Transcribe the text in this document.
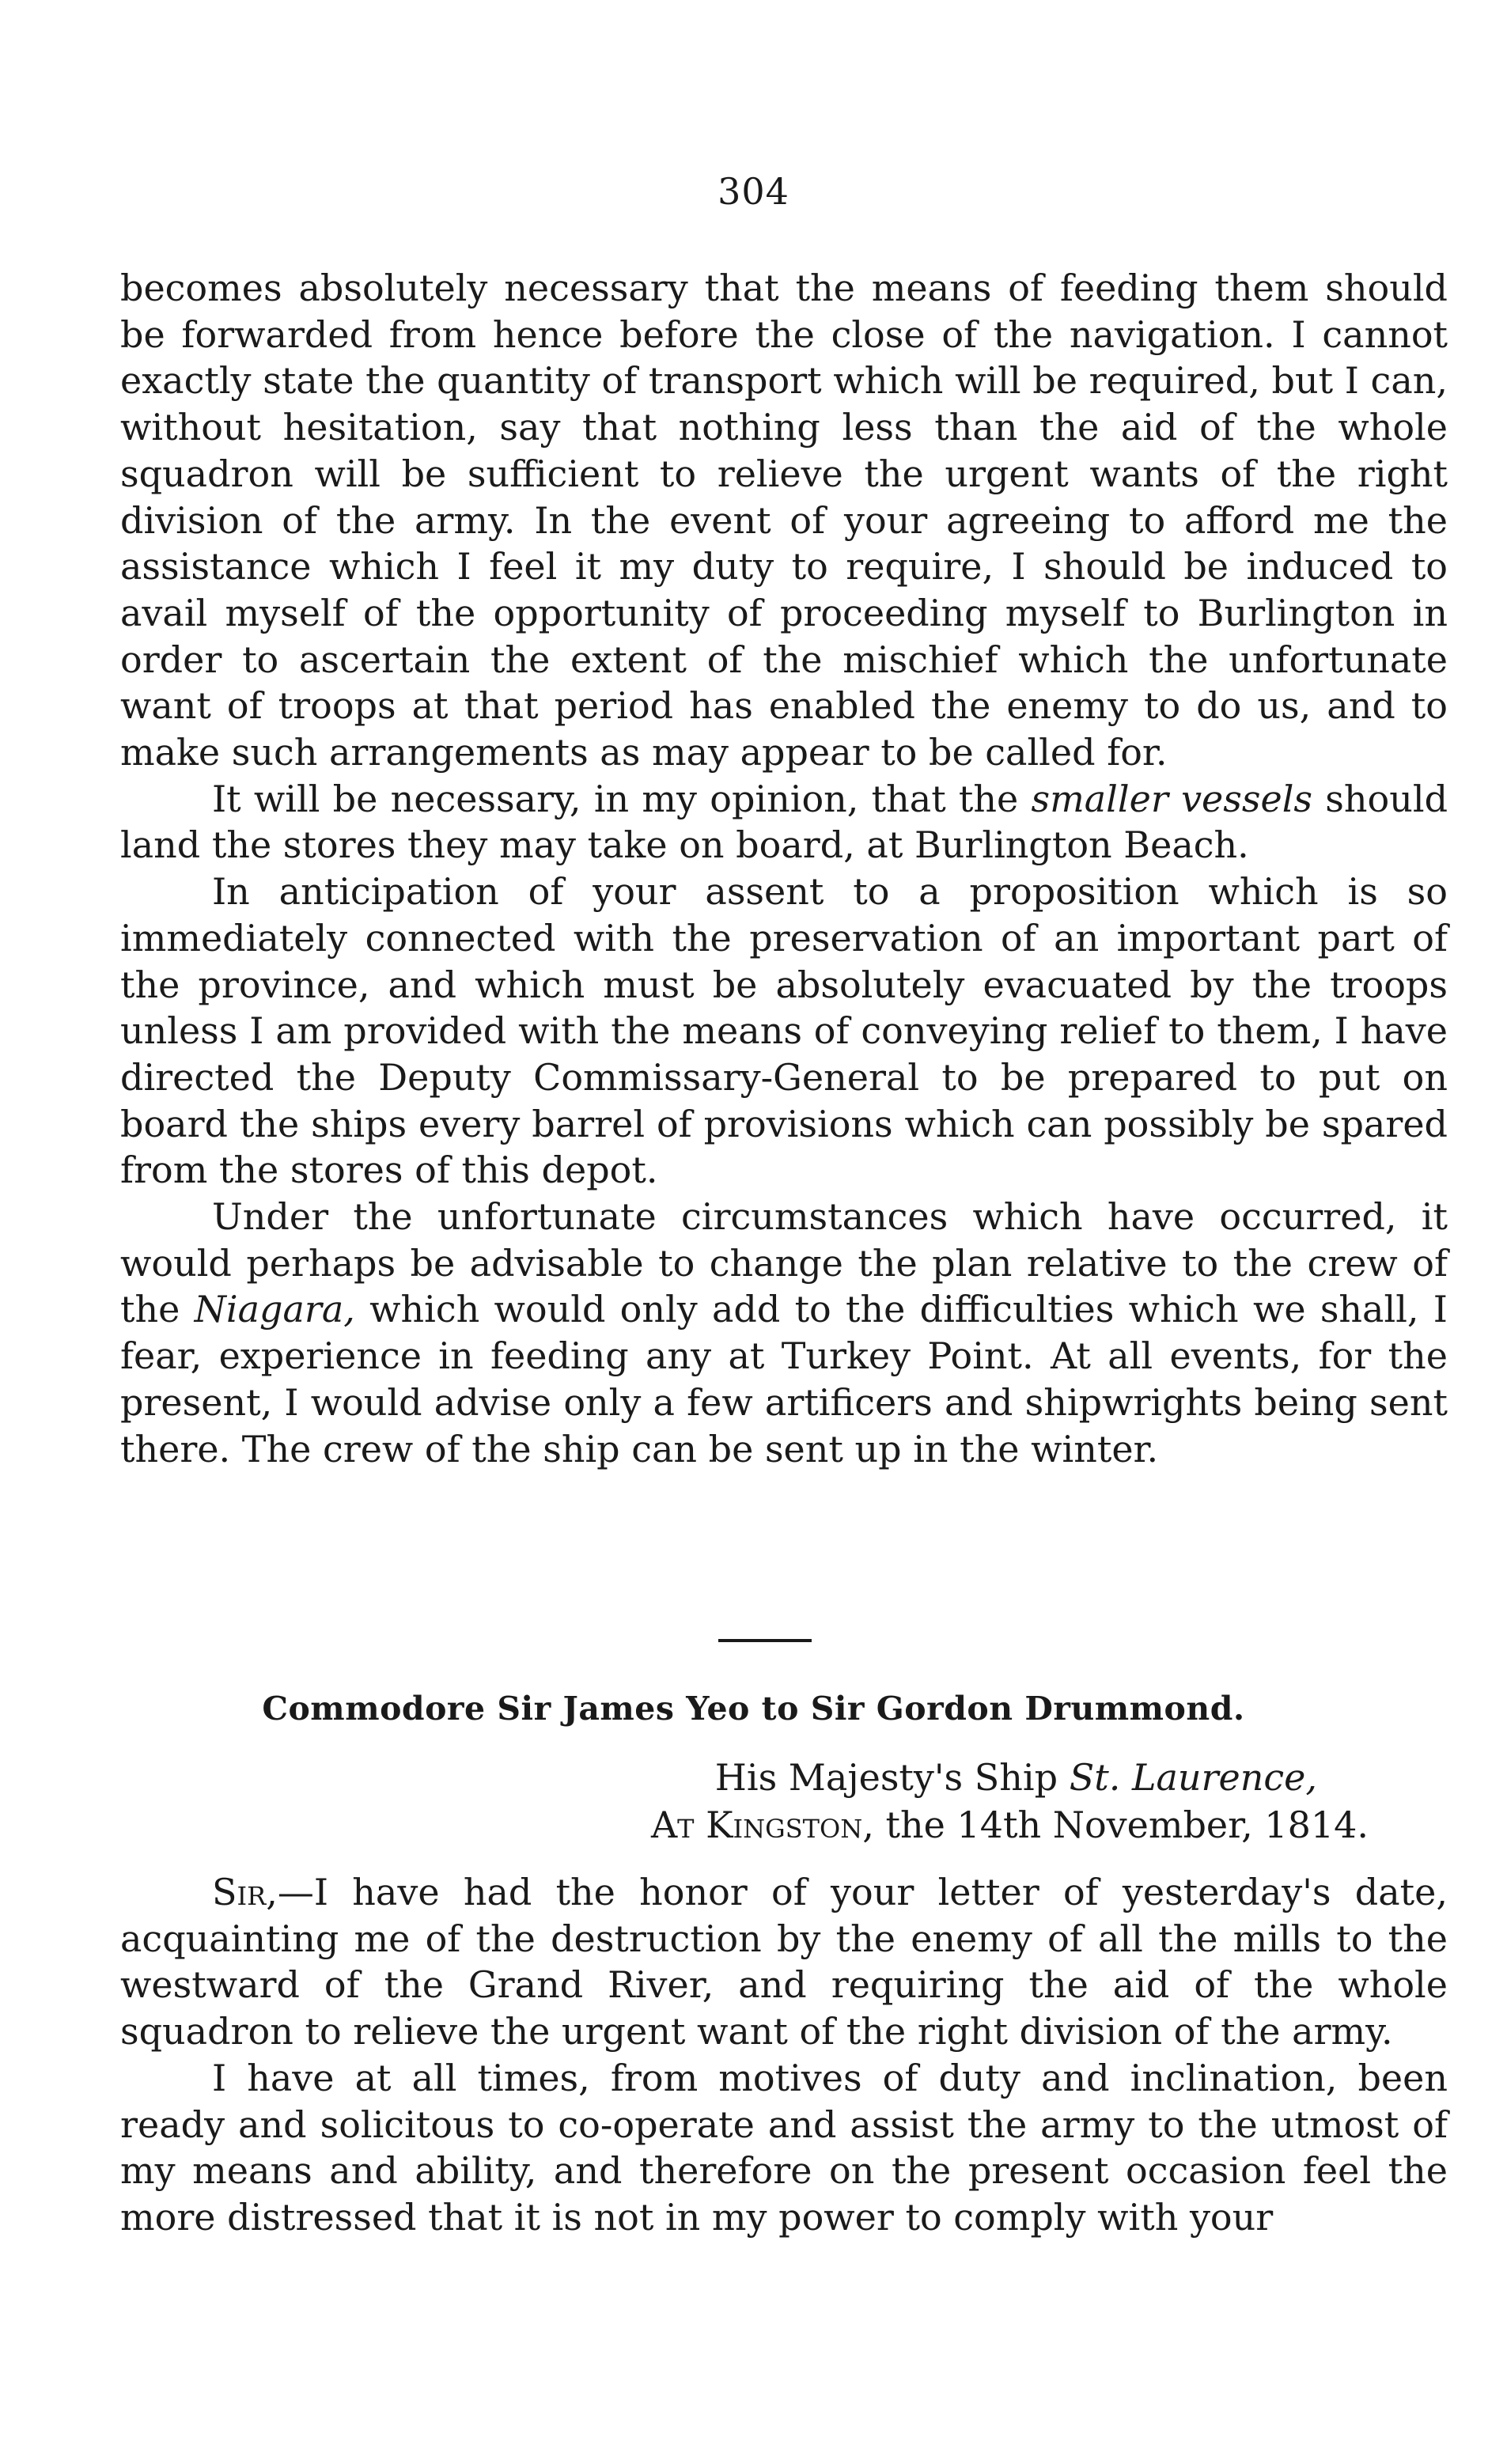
304

becomes absolutely necessary that the means of feeding them should be forwarded from hence before the close of the navigation. I cannot exactly state the quantity of transport which will be required, but I can, without hesitation, say that nothing less than the aid of the whole squadron will be sufficient to relieve the urgent wants of the right division of the army. In the event of your agreeing to afford me the assistance which I feel it my duty to require, I should be induced to avail myself of the opportunity of proceeding myself to Burlington in order to ascertain the extent of the mischief which the unfortunate want of troops at that period has enabled the enemy to do us, and to make such arrangements as may appear to be called for.

It will be necessary, in my opinion, that the smaller vessels should land the stores they may take on board, at Burlington Beach.

In anticipation of your assent to a proposition which is so immediately connected with the preservation of an important part of the province, and which must be absolutely evacuated by the troops unless I am provided with the means of conveying relief to them, I have directed the Deputy Commissary-General to be prepared to put on board the ships every barrel of provisions which can possibly be spared from the stores of this depot.

Under the unfortunate circumstances which have occurred, it would perhaps be advisable to change the plan relative to the crew of the Niagara, which would only add to the difficulties which we shall, I fear, experience in feeding any at Turkey Point. At all events, for the present, I would advise only a few artificers and shipwrights being sent there. The crew of the ship can be sent up in the winter.

Commodore Sir James Yeo to Sir Gordon Drummond.
His Majesty's Ship St. Laurence,
At Kingston, the 14th November, 1814.

Sir,—I have had the honor of your letter of yesterday's date, acquainting me of the destruction by the enemy of all the mills to the westward of the Grand River, and requiring the aid of the whole squadron to relieve the urgent want of the right division of the army.

I have at all times, from motives of duty and inclination, been ready and solicitous to co-operate and assist the army to the utmost of my means and ability, and therefore on the present occasion feel the more distressed that it is not in my power to comply with your
